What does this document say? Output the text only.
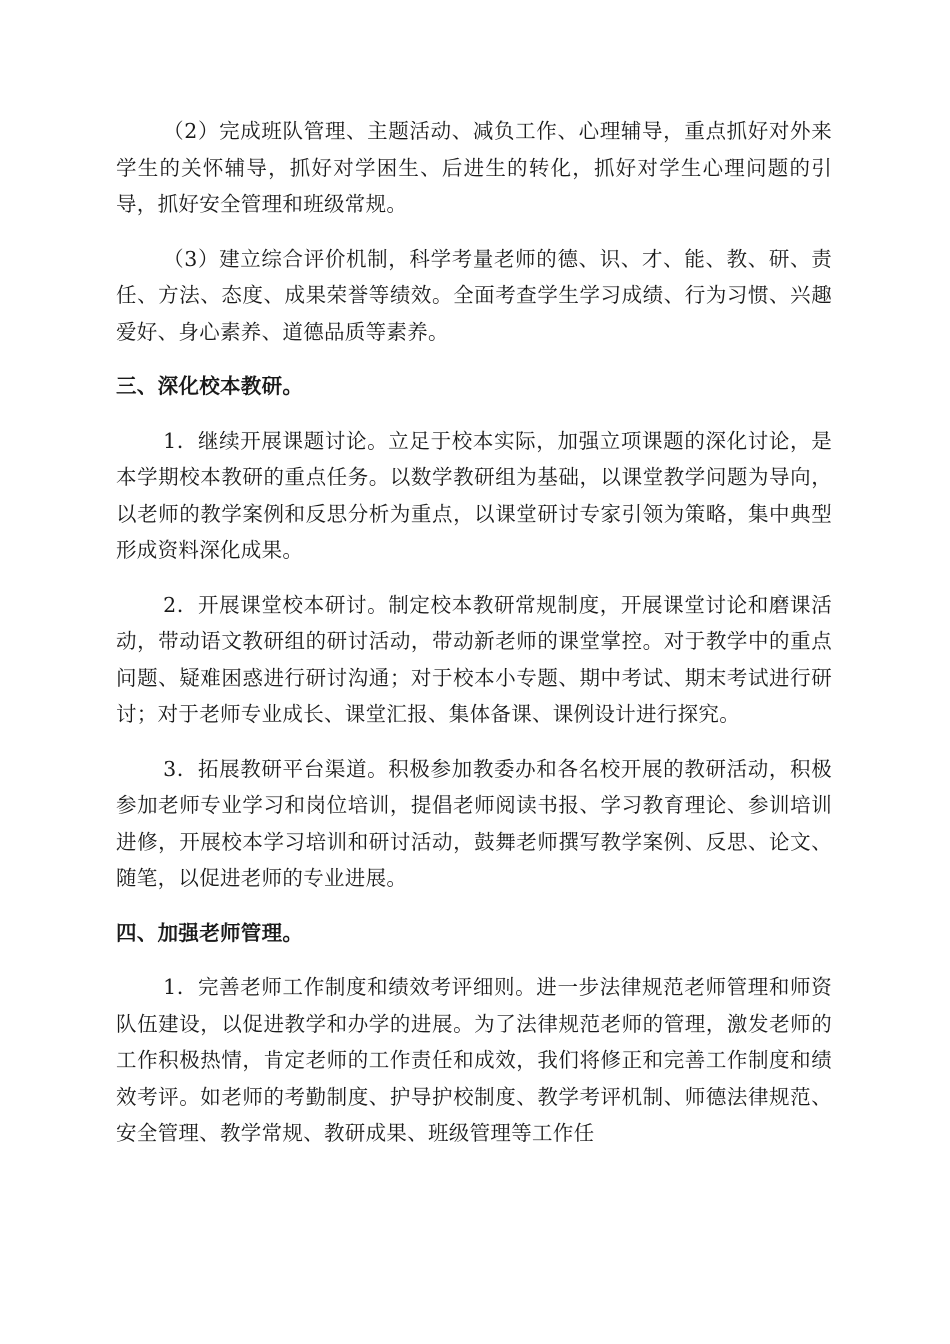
（2）完成班队管理、主题活动、减负工作、心理辅导，重点抓好对外来学生的关怀辅导，抓好对学困生、后进生的转化，抓好对学生心理问题的引导，抓好安全管理和班级常规。

（3）建立综合评价机制，科学考量老师的德、识、才、能、教、研、责任、方法、态度、成果荣誉等绩效。全面考查学生学习成绩、行为习惯、兴趣爱好、身心素养、道德品质等素养。

三、深化校本教研。

1．继续开展课题讨论。立足于校本实际，加强立项课题的深化讨论，是本学期校本教研的重点任务。以数学教研组为基础，以课堂教学问题为导向，以老师的教学案例和反思分析为重点，以课堂研讨专家引领为策略，集中典型形成资料深化成果。

2．开展课堂校本研讨。制定校本教研常规制度，开展课堂讨论和磨课活动，带动语文教研组的研讨活动，带动新老师的课堂掌控。对于教学中的重点问题、疑难困惑进行研讨沟通；对于校本小专题、期中考试、期末考试进行研讨；对于老师专业成长、课堂汇报、集体备课、课例设计进行探究。

3．拓展教研平台渠道。积极参加教委办和各名校开展的教研活动，积极参加老师专业学习和岗位培训，提倡老师阅读书报、学习教育理论、参训培训进修，开展校本学习培训和研讨活动，鼓舞老师撰写教学案例、反思、论文、随笔，以促进老师的专业进展。

四、加强老师管理。

1．完善老师工作制度和绩效考评细则。进一步法律规范老师管理和师资队伍建设，以促进教学和办学的进展。为了法律规范老师的管理，激发老师的工作积极热情，肯定老师的工作责任和成效，我们将修正和完善工作制度和绩效考评。如老师的考勤制度、护导护校制度、教学考评机制、师德法律规范、安全管理、教学常规、教研成果、班级管理等工作任
